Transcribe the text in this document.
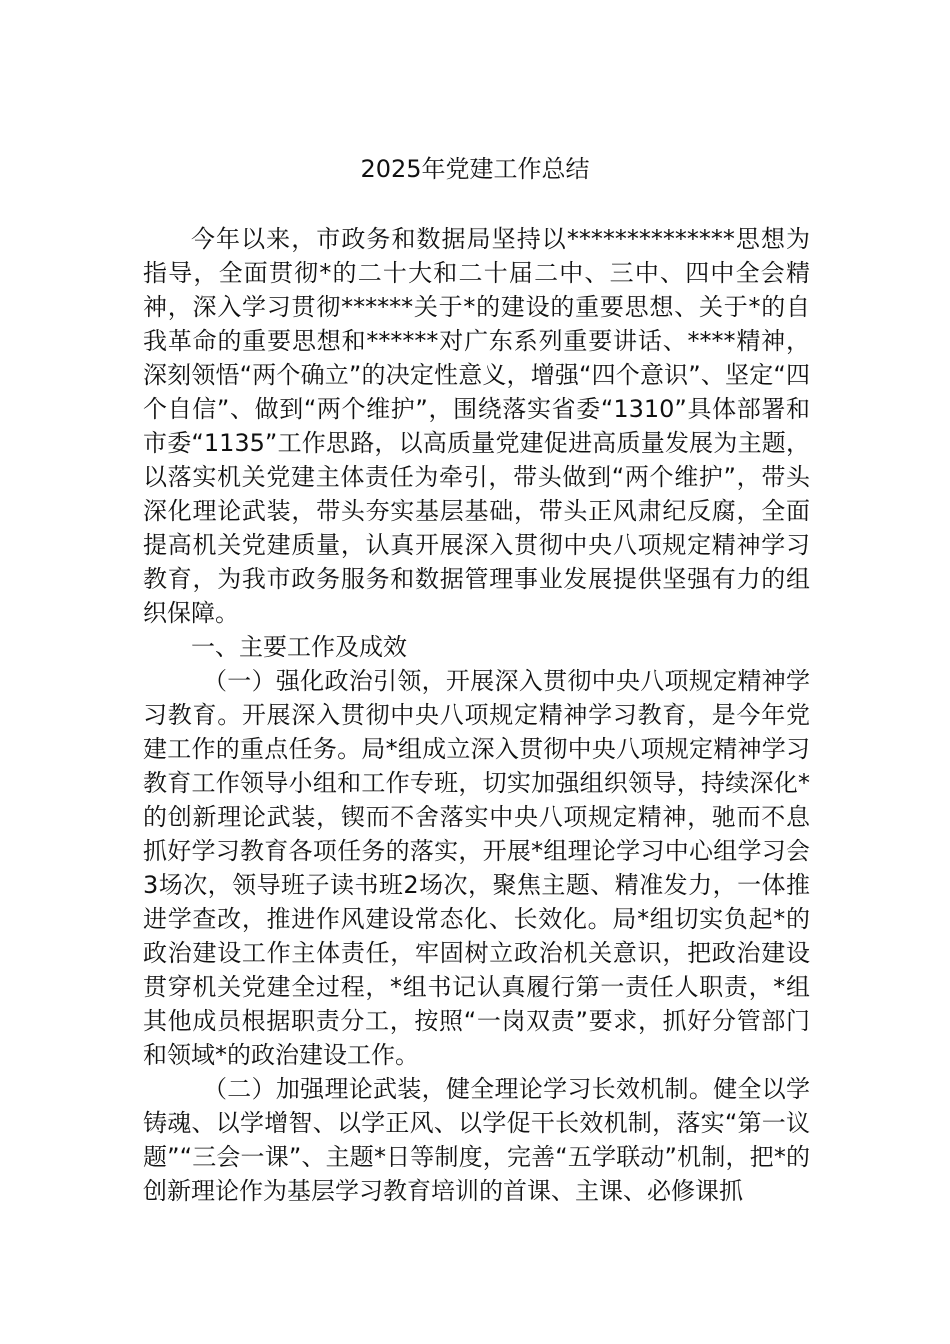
2025年党建工作总结

今年以来，市政务和数据局坚持以**************思想为指导，全面贯彻*的二十大和二十届二中、三中、四中全会精神，深入学习贯彻******关于*的建设的重要思想、关于*的自我革命的重要思想和******对广东系列重要讲话、****精神，深刻领悟“两个确立”的决定性意义，增强“四个意识”、坚定“四个自信”、做到“两个维护”，围绕落实省委“1310”具体部署和市委“1135”工作思路，以高质量党建促进高质量发展为主题，以落实机关党建主体责任为牵引，带头做到“两个维护”，带头深化理论武装，带头夯实基层基础，带头正风肃纪反腐，全面提高机关党建质量，认真开展深入贯彻中央八项规定精神学习教育，为我市政务服务和数据管理事业发展提供坚强有力的组织保障。

一、主要工作及成效

（一）强化政治引领，开展深入贯彻中央八项规定精神学习教育。开展深入贯彻中央八项规定精神学习教育，是今年党建工作的重点任务。局*组成立深入贯彻中央八项规定精神学习教育工作领导小组和工作专班，切实加强组织领导，持续深化*的创新理论武装，锲而不舍落实中央八项规定精神，驰而不息抓好学习教育各项任务的落实，开展*组理论学习中心组学习会3场次，领导班子读书班2场次，聚焦主题、精准发力，一体推进学查改，推进作风建设常态化、长效化。局*组切实负起*的政治建设工作主体责任，牢固树立政治机关意识，把政治建设贯穿机关党建全过程，*组书记认真履行第一责任人职责，*组其他成员根据职责分工，按照“一岗双责”要求，抓好分管部门和领域*的政治建设工作。

（二）加强理论武装，健全理论学习长效机制。健全以学铸魂、以学增智、以学正风、以学促干长效机制，落实“第一议题”“三会一课”、主题*日等制度，完善“五学联动”机制，把*的创新理论作为基层学习教育培训的首课、主课、必修课抓
